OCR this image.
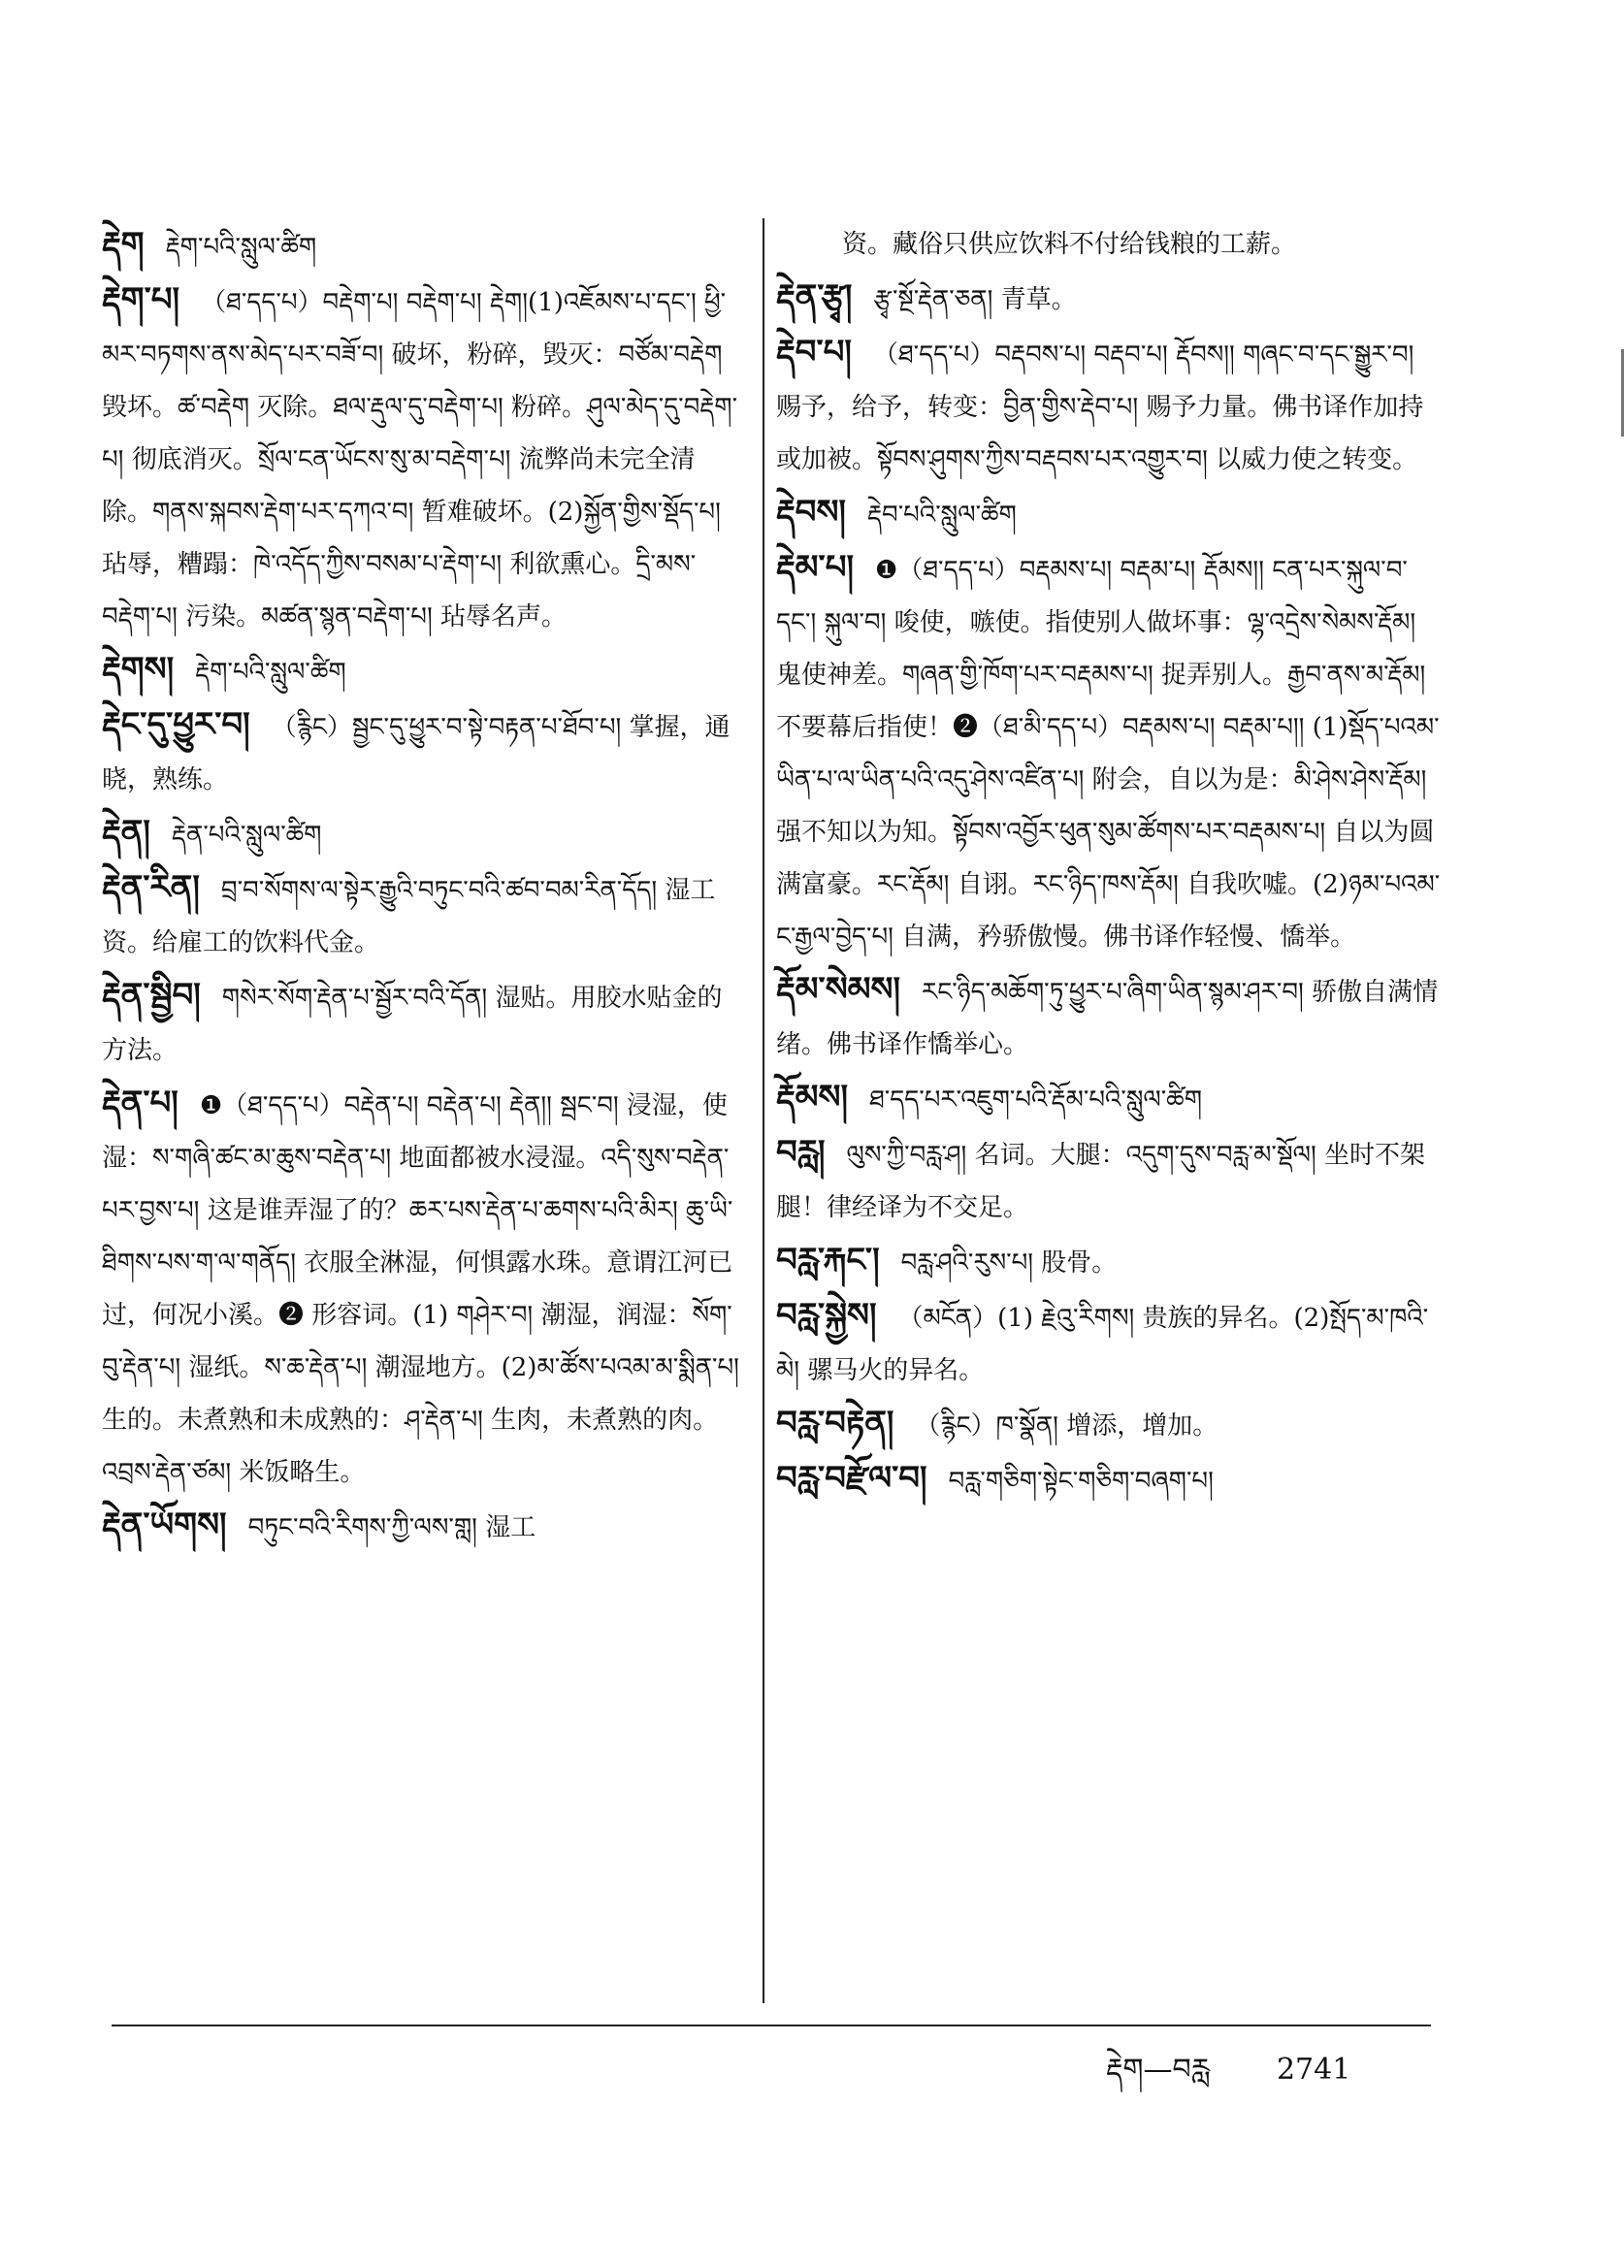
རྡེག རྡེག་པའི་སླུལ་ཚིག
རྡེག་པ། （ཐ་དད་པ）བརྡེག་པ། བརྡེག་པ། རྡེག།(1)འཇོམས་པ་དང་། ཕྱི་མར་བཏགས་ནས་མེད་པར་བཟོ་བ། 破坏，粉碎，毁灭：བཙོམ་བརྡེག 毁坏。ཚ་བརྡེག 灭除。ཐལ་རྡུལ་དུ་བརྡེག་པ། 粉碎。ཤུལ་མེད་དུ་བརྡེག་པ། 彻底消灭。སྲོལ་ངན་ཡོངས་སུ་མ་བརྡེག་པ། 流弊尚未完全清除。གནས་སྐབས་རྡེག་པར་དཀའ་བ། 暂难破坏。(2)སྐྱོན་གྱིས་སྡོད་པ། 玷辱，糟蹋：ཁེ་འདོད་ཀྱིས་བསམ་པ་རྡེག་པ། 利欲熏心。དྲི་མས་བརྡེག་པ། 污染。མཚན་སྙན་བརྡེག་པ། 玷辱名声。
རྡེགས། རྡེག་པའི་སླུལ་ཚིག
རྡེང་དུ་ཕྱུར་བ། （རྙིང）སྦྱང་དུ་ཕྱུར་བ་སྟེ་བརྟན་པ་ཐོབ་པ། 掌握，通晓，熟练。
རྡེན། རྡེན་པའི་སླུལ་ཚིག
རྡེན་རིན། བྲ་བ་སོགས་ལ་སྟེར་རྒྱུའི་བཏུང་བའི་ཚབ་བམ་རིན་དོད། 湿工资。给雇工的饮料代金。
རྡེན་སྦྱིབ། གསེར་སོག་རྡེན་པ་སྦྱོར་བའི་དོན། 湿贴。用胶水贴金的方法。
རྡེན་པ། ❶（ཐ་དད་པ）བརྡེན་པ། བརྡེན་པ། རྡེན།། སྦང་བ། 浸湿，使湿：ས་གཞི་ཚང་མ་ཆུས་བརྡེན་པ། 地面都被水浸湿。འདི་སུས་བརྡེན་པར་བྱས་པ། 这是谁弄湿了的？ཆར་པས་རྡེན་པ་ཆགས་པའི་མིར། ཆུ་ཡི་ཐིགས་པས་ག་ལ་གནོད། 衣服全淋湿，何惧露水珠。意谓江河已过，何况小溪。❷ 形容词。(1) གཤེར་བ། 潮湿，润湿：སོག་བུ་རྡེན་པ། 湿纸。ས་ཆ་རྡེན་པ། 潮湿地方。(2)མ་ཚོས་པའམ་མ་སྨིན་པ། 生的。未煮熟和未成熟的：ཤ་རྡེན་པ། 生肉，未煮熟的肉。འབྲས་རྡེན་ཙམ། 米饭略生。
རྡེན་ཡོགས། བཏུང་བའི་རིགས་ཀྱི་ལས་གླ། 湿工
资。藏俗只供应饮料不付给钱粮的工薪。
རྡེན་རྩྭ། རྩྭ་སྔོ་རྡེན་ཅན། 青草。
རྡེབ་པ། （ཐ་དད་པ）བརྡབས་པ། བརྡབ་པ། རྡོབས།། གཞང་བ་དང་སྒྱུར་བ། 赐予，给予，转变：བྱིན་གྱིས་རྡེབ་པ། 赐予力量。佛书译作加持或加被。སྟོབས་ཤུགས་ཀྱིས་བརྡབས་པར་འགྱུར་བ། 以威力使之转变。
རྡེབས། རྡེབ་པའི་སླུལ་ཚིག
རྡེམ་པ། ❶（ཐ་དད་པ）བརྡམས་པ། བརྡམ་པ། རྡོམས།། ངན་པར་སྐུལ་བ་དང་། སྐུལ་བ། 唆使，嗾使。指使别人做坏事：ལྷ་འདྲེས་སེམས་རྡོམ། 鬼使神差。གཞན་གྱི་ཁོག་པར་བརྡམས་པ། 捉弄别人。རྒྱབ་ནས་མ་རྡོམ། 不要幕后指使！❷（ཐ་མི་དད་པ）བརྡམས་པ། བརྡམ་པ།། (1)སྡོད་པའམ་ཡིན་པ་ལ་ཡིན་པའི་འདུ་ཤེས་འཛིན་པ། 附会，自以为是：མི་ཤེས་ཤེས་རྡོམ། 强不知以为知。སྟོབས་འབྱོར་ཕུན་སུམ་ཚོགས་པར་བརྡམས་པ། 自以为圆满富豪。རང་རྡོམ། 自诩。རང་ཉིད་ཁས་རྡོམ། 自我吹嘘。(2)ཉམ་པའམ་ང་རྒྱལ་བྱེད་པ། 自满，矜骄傲慢。佛书译作轻慢、憍举。
རྡོམ་སེམས། རང་ཉིད་མཆོག་ཏུ་ཕྱུར་པ་ཞིག་ཡིན་སྙམ་ཤར་བ། 骄傲自满情绪。佛书译作憍举心。
རྡོམས། ཐ་དད་པར་འཇུག་པའི་རྡོམ་པའི་སླུལ་ཚིག
བརླ། ལུས་ཀྱི་བརླ་ཤ། 名词。大腿：འདུག་དུས་བརླ་མ་སྡོལ། 坐时不架腿！律经译为不交足。
བརླ་རྐང་། བརླ་ཤའི་རུས་པ། 股骨。
བརླ་སྐྱེས། （མངོན）(1) རྗེའུ་རིགས། 贵族的异名。(2)སྤོད་མ་ཁའི་མེ། 骡马火的异名。
བརླ་བརྟེན། （རྙིང）ཁ་སྣོན། 增添，增加。
བརླ་བརྫོལ་བ། བརླ་གཅིག་སྟེང་གཅིག་བཞག་པ།
རྡེག—བརླ 2741
